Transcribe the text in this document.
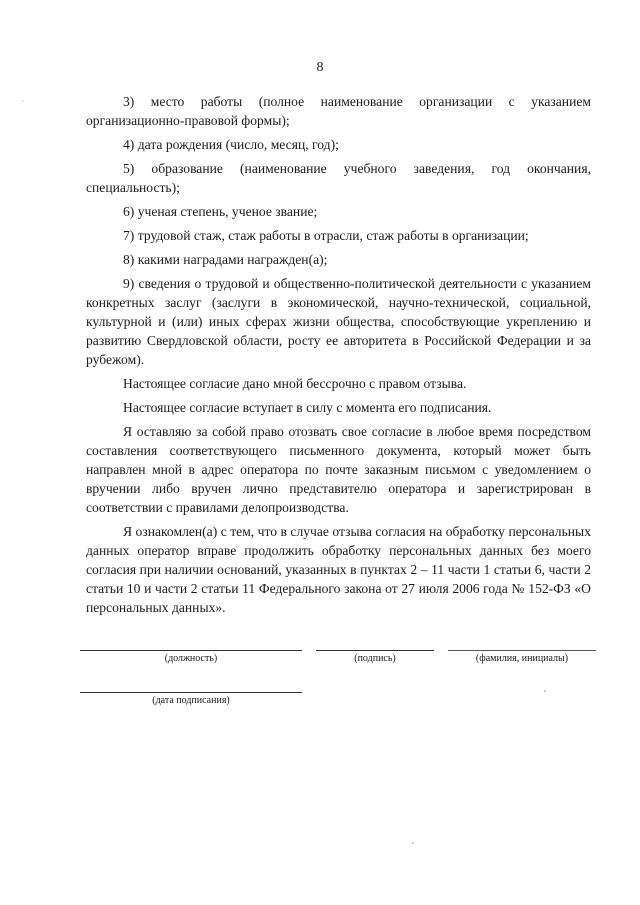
8

3) место работы (полное наименование организации с указанием организационно-правовой формы);

4) дата рождения (число, месяц, год);

5) образование (наименование учебного заведения, год окончания, специальность);

6) ученая степень, ученое звание;

7) трудовой стаж, стаж работы в отрасли, стаж работы в организации;

8) какими наградами награжден(а);

9) сведения о трудовой и общественно-политической деятельности с указанием конкретных заслуг (заслуги в экономической, научно-технической, социальной, культурной и (или) иных сферах жизни общества, способствующие укреплению и развитию Свердловской области, росту ее авторитета в Российской Федерации и за рубежом).

Настоящее согласие дано мной бессрочно с правом отзыва.

Настоящее согласие вступает в силу с момента его подписания.

Я оставляю за собой право отозвать свое согласие в любое время посредством составления соответствующего письменного документа, который может быть направлен мной в адрес оператора по почте заказным письмом с уведомлением о вручении либо вручен лично представителю оператора и зарегистрирован в соответствии с правилами делопроизводства.

Я ознакомлен(а) с тем, что в случае отзыва согласия на обработку персональных данных оператор вправе продолжить обработку персональных данных без моего согласия при наличии оснований, указанных в пунктах 2 – 11 части 1 статьи 6, части 2 статьи 10 и части 2 статьи 11 Федерального закона от 27 июля 2006 года № 152-ФЗ «О персональных данных».

(должность)	(подпись)	(фамилия, инициалы)
(дата подписания)
